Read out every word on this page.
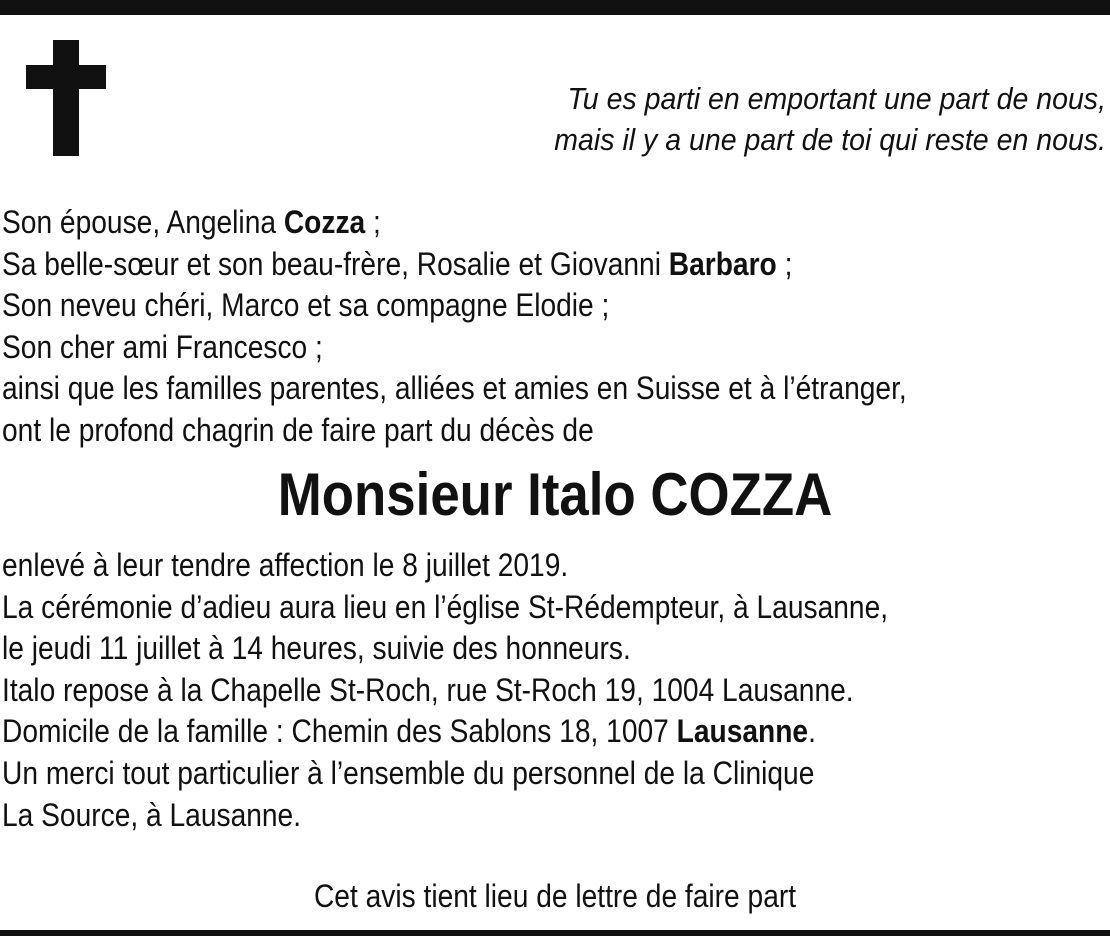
Tu es parti en emportant une part de nous,
mais il y a une part de toi qui reste en nous.
Son épouse, Angelina Cozza ;
Sa belle-sœur et son beau-frère, Rosalie et Giovanni Barbaro ;
Son neveu chéri, Marco et sa compagne Elodie ;
Son cher ami Francesco ;
ainsi que les familles parentes, alliées et amies en Suisse et à l’étranger,
ont le profond chagrin de faire part du décès de
Monsieur Italo COZZA
enlevé à leur tendre affection le 8 juillet 2019.
La cérémonie d’adieu aura lieu en l’église St-Rédempteur, à Lausanne,
le jeudi 11 juillet à 14 heures, suivie des honneurs.
Italo repose à la Chapelle St-Roch, rue St-Roch 19, 1004 Lausanne.
Domicile de la famille : Chemin des Sablons 18, 1007 Lausanne.
Un merci tout particulier à l’ensemble du personnel de la Clinique
La Source, à Lausanne.
Cet avis tient lieu de lettre de faire part
